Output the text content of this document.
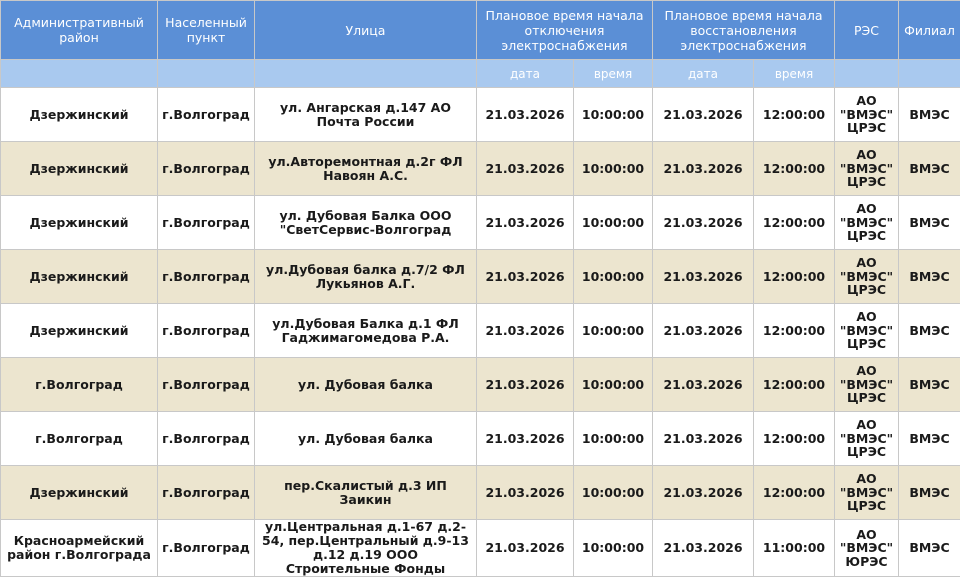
Административный район	Населенный пункт	Улица	Плановое время начала отключения электроснабжения		Плановое время начала восстановления электроснабжения		РЭС	Филиал
			дата	время	дата	время		
Дзержинский	г.Волгоград	ул. Ангарская д.147 АО Почта России	21.03.2026	10:00:00	21.03.2026	12:00:00	АО "ВМЭС" ЦРЭС	ВМЭС
Дзержинский	г.Волгоград	ул.Авторемонтная д.2г ФЛ Навоян А.С.	21.03.2026	10:00:00	21.03.2026	12:00:00	АО "ВМЭС" ЦРЭС	ВМЭС
Дзержинский	г.Волгоград	ул. Дубовая Балка ООО "СветСервис-Волгоград	21.03.2026	10:00:00	21.03.2026	12:00:00	АО "ВМЭС" ЦРЭС	ВМЭС
Дзержинский	г.Волгоград	ул.Дубовая балка д.7/2 ФЛ Лукьянов А.Г.	21.03.2026	10:00:00	21.03.2026	12:00:00	АО "ВМЭС" ЦРЭС	ВМЭС
Дзержинский	г.Волгоград	ул.Дубовая Балка д.1 ФЛ Гаджимагомедова Р.А.	21.03.2026	10:00:00	21.03.2026	12:00:00	АО "ВМЭС" ЦРЭС	ВМЭС
г.Волгоград	г.Волгоград	ул. Дубовая балка	21.03.2026	10:00:00	21.03.2026	12:00:00	АО "ВМЭС" ЦРЭС	ВМЭС
г.Волгоград	г.Волгоград	ул. Дубовая балка	21.03.2026	10:00:00	21.03.2026	12:00:00	АО "ВМЭС" ЦРЭС	ВМЭС
Дзержинский	г.Волгоград	пер.Скалистый д.3 ИП Заикин	21.03.2026	10:00:00	21.03.2026	12:00:00	АО "ВМЭС" ЦРЭС	ВМЭС
Красноармейский район г.Волгограда	г.Волгоград	ул.Центральная д.1-67 д.2-54, пер.Центральный д.9-13 д.12 д.19 ООО Строительные Фонды	21.03.2026	10:00:00	21.03.2026	11:00:00	АО "ВМЭС" ЮРЭС	ВМЭС
